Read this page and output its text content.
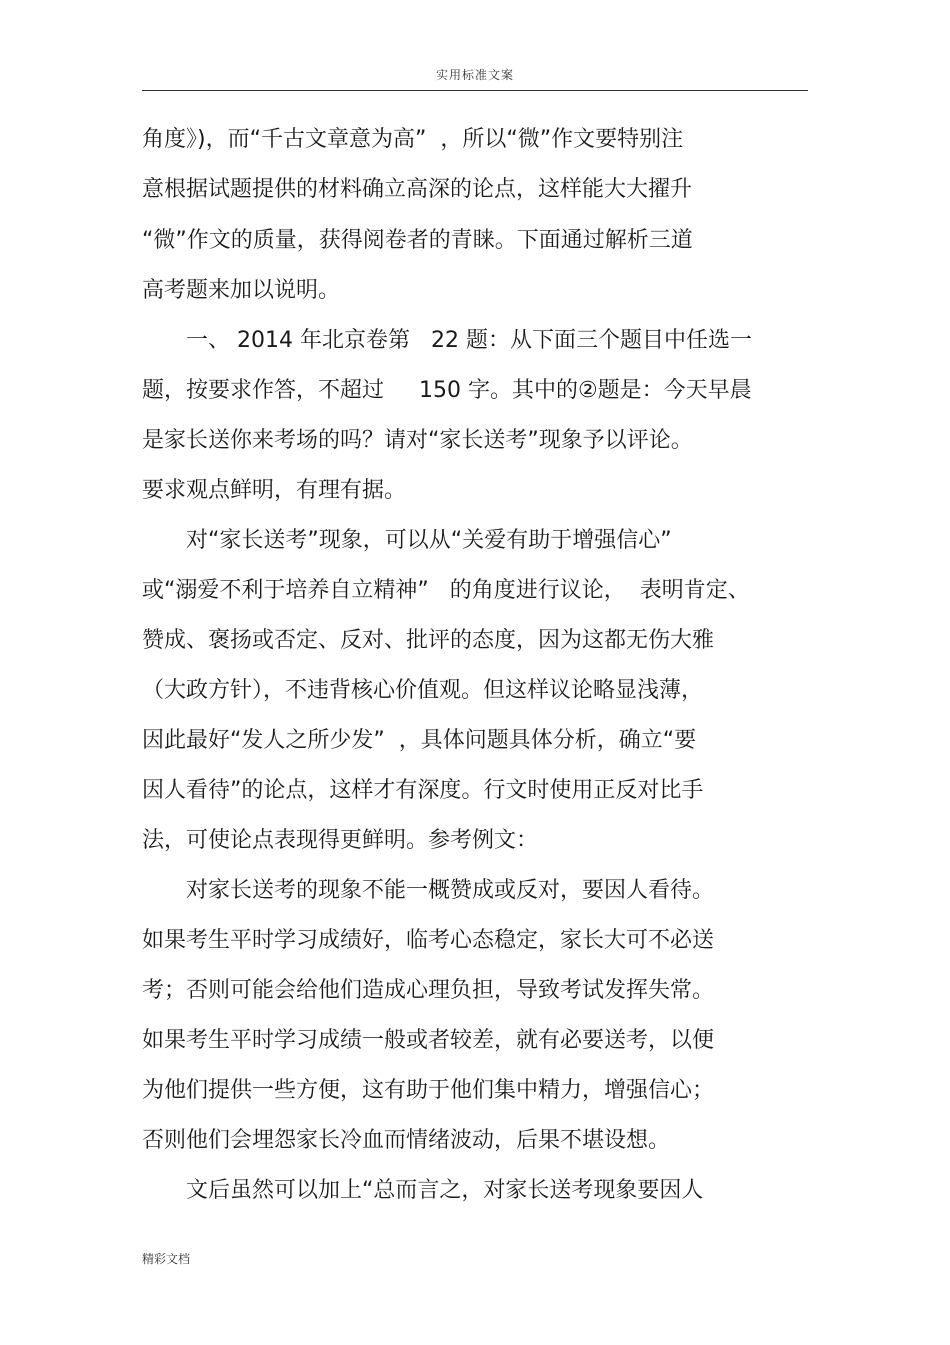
实用标准文案
角度》)，而“千古文章意为高”  ，所以“微”作文要特别注
意根据试题提供的材料确立高深的论点，这样能大大擢升
“微”作文的质量，获得阅卷者的青睐。下面通过解析三道
高考题来加以说明。
　　一、 2014 年北京卷第   22 题：从下面三个题目中任选一
题，按要求作答，不超过     150 字。其中的②题是：今天早晨
是家长送你来考场的吗？请对“家长送考”现象予以评论。
要求观点鲜明，有理有据。
　　对“家长送考”现象，可以从“关爱有助于增强信心”
或“溺爱不利于培养自立精神”   的角度进行议论，  表明肯定、
赞成、褒扬或否定、反对、批评的态度，因为这都无伤大雅
（大政方针），不违背核心价值观。但这样议论略显浅薄，
因此最好“发人之所少发”  ，具体问题具体分析，确立“要
因人看待”的论点，这样才有深度。行文时使用正反对比手
法，可使论点表现得更鲜明。参考例文：
　　对家长送考的现象不能一概赞成或反对，要因人看待。
如果考生平时学习成绩好，临考心态稳定，家长大可不必送
考；否则可能会给他们造成心理负担，导致考试发挥失常。
如果考生平时学习成绩一般或者较差，就有必要送考，以便
为他们提供一些方便，这有助于他们集中精力，增强信心；
否则他们会埋怨家长冷血而情绪波动，后果不堪设想。
　　文后虽然可以加上“总而言之，对家长送考现象要因人
精彩文档
